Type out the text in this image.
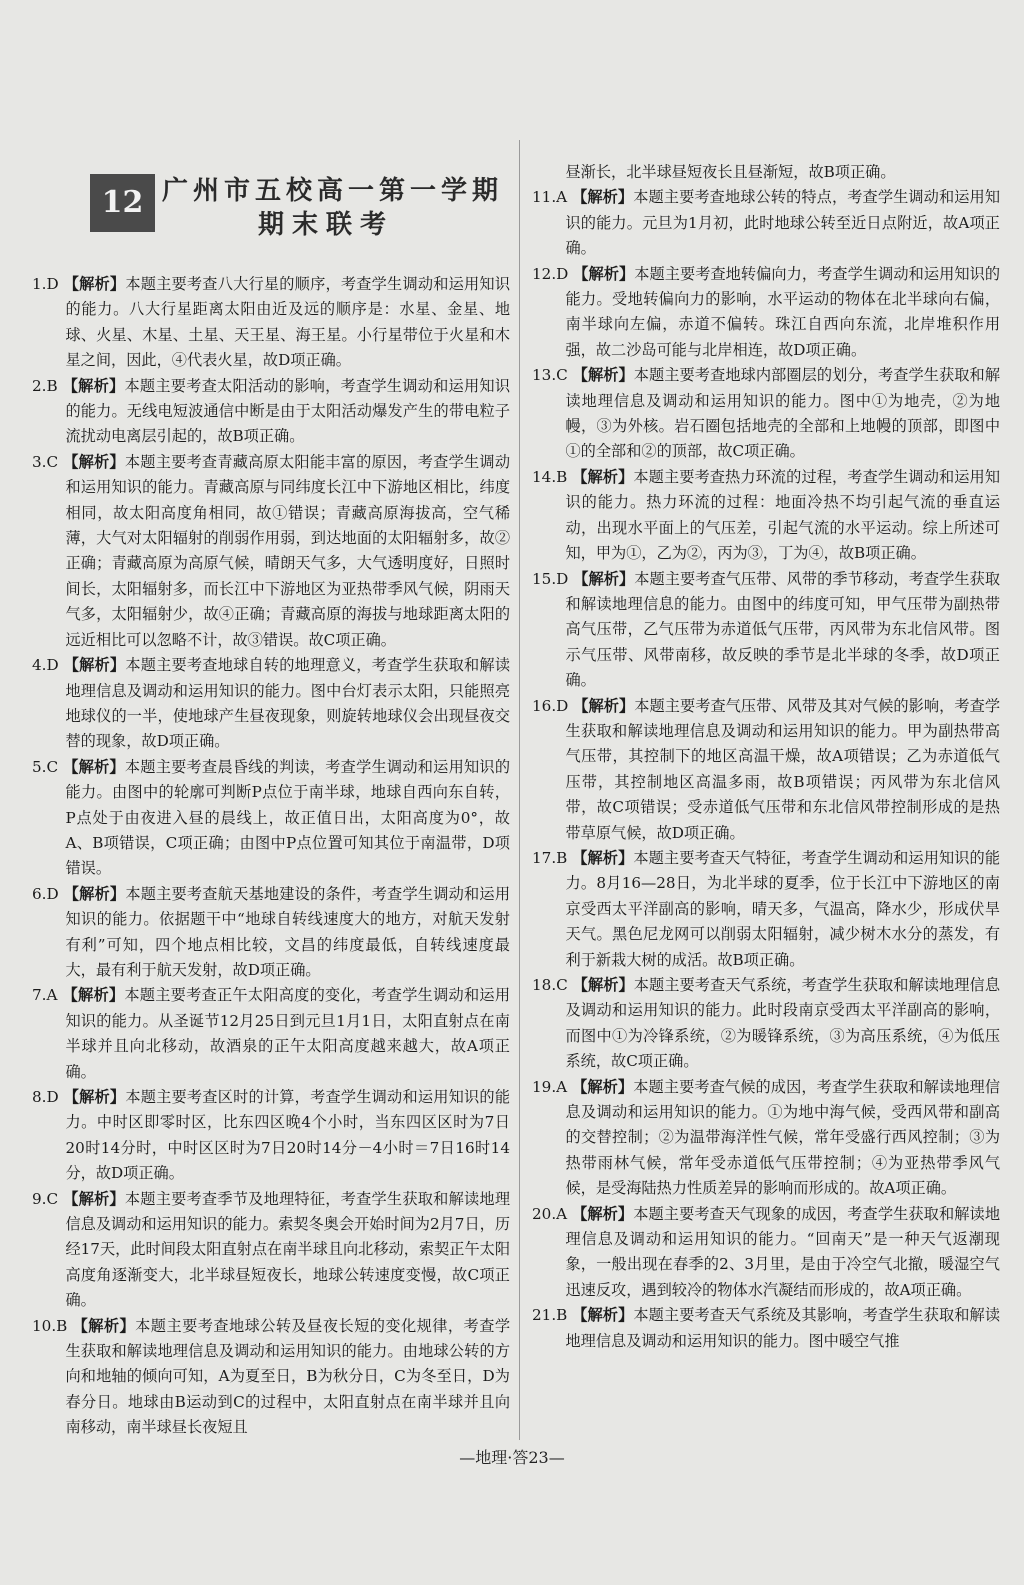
12 广州市五校高一第一学期
期末联考

1.D 【解析】本题主要考查八大行星的顺序，考查学生调动和运用知识的能力。八大行星距离太阳由近及远的顺序是：水星、金星、地球、火星、木星、土星、天王星、海王星。小行星带位于火星和木星之间，因此，④代表火星，故D项正确。

2.B 【解析】本题主要考查太阳活动的影响，考查学生调动和运用知识的能力。无线电短波通信中断是由于太阳活动爆发产生的带电粒子流扰动电离层引起的，故B项正确。

3.C 【解析】本题主要考查青藏高原太阳能丰富的原因，考查学生调动和运用知识的能力。青藏高原与同纬度长江中下游地区相比，纬度相同，故太阳高度角相同，故①错误；青藏高原海拔高，空气稀薄，大气对太阳辐射的削弱作用弱，到达地面的太阳辐射多，故②正确；青藏高原为高原气候，晴朗天气多，大气透明度好，日照时间长，太阳辐射多，而长江中下游地区为亚热带季风气候，阴雨天气多，太阳辐射少，故④正确；青藏高原的海拔与地球距离太阳的远近相比可以忽略不计，故③错误。故C项正确。

4.D 【解析】本题主要考查地球自转的地理意义，考查学生获取和解读地理信息及调动和运用知识的能力。图中台灯表示太阳，只能照亮地球仪的一半，使地球产生昼夜现象，则旋转地球仪会出现昼夜交替的现象，故D项正确。

5.C 【解析】本题主要考查晨昏线的判读，考查学生调动和运用知识的能力。由图中的轮廓可判断P点位于南半球，地球自西向东自转，P点处于由夜进入昼的晨线上，故正值日出，太阳高度为0°，故A、B项错误，C项正确；由图中P点位置可知其位于南温带，D项错误。

6.D 【解析】本题主要考查航天基地建设的条件，考查学生调动和运用知识的能力。依据题干中“地球自转线速度大的地方，对航天发射有利”可知，四个地点相比较，文昌的纬度最低，自转线速度最大，最有利于航天发射，故D项正确。

7.A 【解析】本题主要考查正午太阳高度的变化，考查学生调动和运用知识的能力。从圣诞节12月25日到元旦1月1日，太阳直射点在南半球并且向北移动，故酒泉的正午太阳高度越来越大，故A项正确。

8.D 【解析】本题主要考查区时的计算，考查学生调动和运用知识的能力。中时区即零时区，比东四区晚4个小时，当东四区区时为7日20时14分时，中时区区时为7日20时14分－4小时＝7日16时14分，故D项正确。

9.C 【解析】本题主要考查季节及地理特征，考查学生获取和解读地理信息及调动和运用知识的能力。索契冬奥会开始时间为2月7日，历经17天，此时间段太阳直射点在南半球且向北移动，索契正午太阳高度角逐渐变大，北半球昼短夜长，地球公转速度变慢，故C项正确。

10.B 【解析】本题主要考查地球公转及昼夜长短的变化规律，考查学生获取和解读地理信息及调动和运用知识的能力。由地球公转的方向和地轴的倾向可知，A为夏至日，B为秋分日，C为冬至日，D为春分日。地球由B运动到C的过程中，太阳直射点在南半球并且向南移动，南半球昼长夜短且

昼渐长，北半球昼短夜长且昼渐短，故B项正确。

11.A 【解析】本题主要考查地球公转的特点，考查学生调动和运用知识的能力。元旦为1月初，此时地球公转至近日点附近，故A项正确。

12.D 【解析】本题主要考查地转偏向力，考查学生调动和运用知识的能力。受地转偏向力的影响，水平运动的物体在北半球向右偏，南半球向左偏，赤道不偏转。珠江自西向东流，北岸堆积作用强，故二沙岛可能与北岸相连，故D项正确。

13.C 【解析】本题主要考查地球内部圈层的划分，考查学生获取和解读地理信息及调动和运用知识的能力。图中①为地壳，②为地幔，③为外核。岩石圈包括地壳的全部和上地幔的顶部，即图中①的全部和②的顶部，故C项正确。

14.B 【解析】本题主要考查热力环流的过程，考查学生调动和运用知识的能力。热力环流的过程：地面冷热不均引起气流的垂直运动，出现水平面上的气压差，引起气流的水平运动。综上所述可知，甲为①，乙为②，丙为③，丁为④，故B项正确。

15.D 【解析】本题主要考查气压带、风带的季节移动，考查学生获取和解读地理信息的能力。由图中的纬度可知，甲气压带为副热带高气压带，乙气压带为赤道低气压带，丙风带为东北信风带。图示气压带、风带南移，故反映的季节是北半球的冬季，故D项正确。

16.D 【解析】本题主要考查气压带、风带及其对气候的影响，考查学生获取和解读地理信息及调动和运用知识的能力。甲为副热带高气压带，其控制下的地区高温干燥，故A项错误；乙为赤道低气压带，其控制地区高温多雨，故B项错误；丙风带为东北信风带，故C项错误；受赤道低气压带和东北信风带控制形成的是热带草原气候，故D项正确。

17.B 【解析】本题主要考查天气特征，考查学生调动和运用知识的能力。8月16—28日，为北半球的夏季，位于长江中下游地区的南京受西太平洋副高的影响，晴天多，气温高，降水少，形成伏旱天气。黑色尼龙网可以削弱太阳辐射，减少树木水分的蒸发，有利于新栽大树的成活。故B项正确。

18.C 【解析】本题主要考查天气系统，考查学生获取和解读地理信息及调动和运用知识的能力。此时段南京受西太平洋副高的影响，而图中①为冷锋系统，②为暖锋系统，③为高压系统，④为低压系统，故C项正确。

19.A 【解析】本题主要考查气候的成因，考查学生获取和解读地理信息及调动和运用知识的能力。①为地中海气候，受西风带和副高的交替控制；②为温带海洋性气候，常年受盛行西风控制；③为热带雨林气候，常年受赤道低气压带控制；④为亚热带季风气候，是受海陆热力性质差异的影响而形成的。故A项正确。

20.A 【解析】本题主要考查天气现象的成因，考查学生获取和解读地理信息及调动和运用知识的能力。“回南天”是一种天气返潮现象，一般出现在春季的2、3月里，是由于冷空气北撤，暖湿空气迅速反攻，遇到较冷的物体水汽凝结而形成的，故A项正确。

21.B 【解析】本题主要考查天气系统及其影响，考查学生获取和解读地理信息及调动和运用知识的能力。图中暖空气推

—地理·答23—
